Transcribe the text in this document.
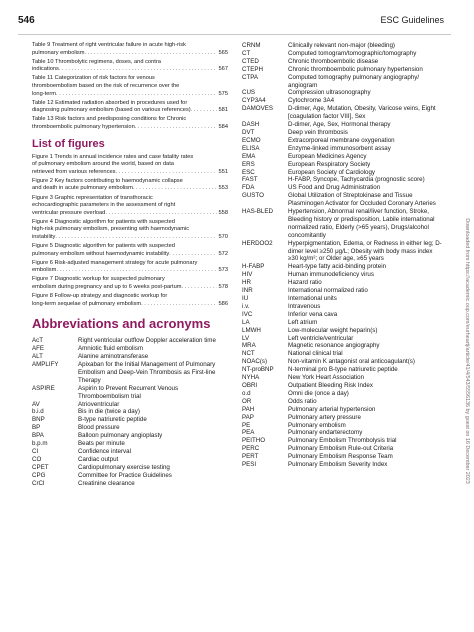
546	ESC Guidelines
Table 9 Treatment of right ventricular failure in acute high-risk
pulmonary embolism . . .	565
Table 10 Thrombolytic regimens, doses, and contra
indications . . .	567
Table 11 Categorization of risk factors for venous
thromboembolism based on the risk of recurrence over the
long-term . . .	575
Table 12 Estimated radiation absorbed in procedures used for
diagnosing pulmonary embolism (based on various references) . . .	581
Table 13 Risk factors and predisposing conditions for Chronic
thromboembolic pulmonary hypertension . . .	584
List of figures
Figure 1 Trends in annual incidence rates and case fatality rates
of pulmonary embolism around the world, based on data
retrieved from various references . . .	551
Figure 2 Key factors contributing to haemodynamic collapse
and death in acute pulmonary embolism . . .	553
Figure 3 Graphic representation of transthoracic
echocardiographic parameters in the assessment of right
ventricular pressure overload . . .	558
Figure 4 Diagnostic algorithm for patients with suspected
high-risk pulmonary embolism, presenting with haemodynamic
instability . . .	570
Figure 5 Diagnostic algorithm for patients with suspected
pulmonary embolism without haemodynamic instability . . .	572
Figure 6 Risk-adjusted management strategy for acute pulmonary
embolism . . .	573
Figure 7 Diagnostic workup for suspected pulmonary
embolism during pregnancy and up to 6 weeks post-partum . . .	578
Figure 8 Follow-up strategy and diagnostic workup for
long-term sequelae of pulmonary embolism . . .	586
Abbreviations and acronyms
AcT	Right ventricular outflow Doppler acceleration time
AFE	Amniotic fluid embolism
ALT	Alanine aminotransferase
AMPLIFY	Apixaban for the Initial Management of Pulmonary Embolism and Deep-Vein Thrombosis as First-line Therapy
ASPIRE	Aspirin to Prevent Recurrent Venous Thromboembolism trial
AV	Atrioventricular
b.i.d	Bis in die (twice a day)
BNP	B-type natriuretic peptide
BP	Blood pressure
BPA	Balloon pulmonary angioplasty
b.p.m	Beats per minute
CI	Confidence interval
CO	Cardiac output
CPET	Cardiopulmonary exercise testing
CPG	Committee for Practice Guidelines
CrCl	Creatinine clearance
CRNM	Clinically relevant non-major (bleeding)
CT	Computed tomogram/tomographic/tomography
CTED	Chronic thromboembolic disease
CTEPH	Chronic thromboembolic pulmonary hypertension
CTPA	Computed tomography pulmonary angiography/ angiogram
CUS	Compression ultrasonography
CYP3A4	Cytochrome 3A4
DAMOVES	D-dimer, Age, Mutation, Obesity, Varicose veins, Eight [coagulation factor VIII], Sex
DASH	D-dimer, Age, Sex, Hormonal therapy
DVT	Deep vein thrombosis
ECMO	Extracorporeal membrane oxygenation
ELISA	Enzyme-linked immunosorbent assay
EMA	European Medicines Agency
ERS	European Respiratory Society
ESC	European Society of Cardiology
FAST	H-FABP, Syncope, Tachycardia (prognostic score)
FDA	US Food and Drug Administration
GUSTO	Global Utilization of Streptokinase and Tissue Plasminogen Activator for Occluded Coronary Arteries
HAS-BLED	Hypertension, Abnormal renal/liver function, Stroke, Bleeding history or predisposition, Labile international normalized ratio, Elderly (>65 years), Drugs/alcohol concomitantly
HERDOO2	Hyperpigmentation, Edema, or Redness in either leg; D-dimer level ≥250 μg/L; Obesity with body mass index ≥30 kg/m²; or Older age, ≥65 years
H-FABP	Heart-type fatty acid-binding protein
HIV	Human immunodeficiency virus
HR	Hazard ratio
INR	International normalized ratio
IU	International units
i.v.	Intravenous
IVC	Inferior vena cava
LA	Left atrium
LMWH	Low-molecular weight heparin(s)
LV	Left ventricle/ventricular
MRA	Magnetic resonance angiography
NCT	National clinical trial
NOAC(s)	Non-vitamin K antagonist oral anticoagulant(s)
NT-proBNP	N-terminal pro B-type natriuretic peptide
NYHA	New York Heart Association
OBRI	Outpatient Bleeding Risk Index
o.d	Omni die (once a day)
OR	Odds ratio
PAH	Pulmonary arterial hypertension
PAP	Pulmonary artery pressure
PE	Pulmonary embolism
PEA	Pulmonary endarterectomy
PEITHO	Pulmonary Embolism Thrombolysis trial
PERC	Pulmonary Embolism Rule-out Criteria
PERT	Pulmonary Embolism Response Team
PESI	Pulmonary Embolism Severity Index	Downloaded from https://academic.oup.com/eurheartj/article/41/4/543/5556136 by guest on 16 December 2023
